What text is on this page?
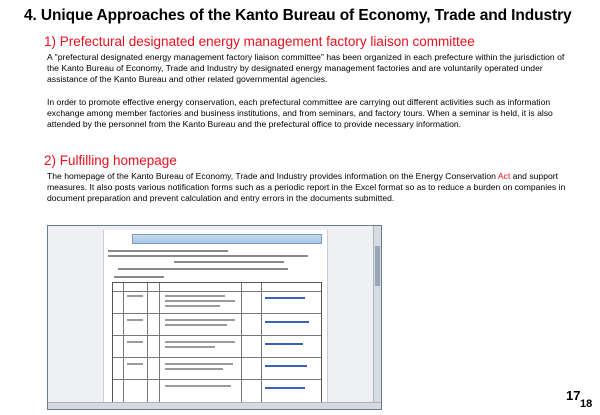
4. Unique Approaches of the Kanto Bureau of Economy, Trade and Industry
1) Prefectural designated energy management factory liaison committee
A "prefectural designated energy management factory liaison committee" has been organized in each prefecture within the jurisdiction of the Kanto Bureau of Economy, Trade and Industry by designated energy management factories and are voluntarily operated under assistance of the Kanto Bureau and other related governmental agencies.
In order to promote effective energy conservation, each prefectural committee are carrying out different activities such as information exchange among member factories and business institutions, and from seminars, and factory tours. When a seminar is held, it is also attended by the personnel from the Kanto Bureau and the prefectural office to provide necessary information.
2) Fulfilling homepage
The homepage of the Kanto Bureau of Economy, Trade and Industry provides information on the Energy Conservation Act and support measures. It also posts various notification forms such as a periodic report in the Excel format so as to reduce a burden on companies in document preparation and prevent calculation and entry errors in the documents submitted.
17
18
